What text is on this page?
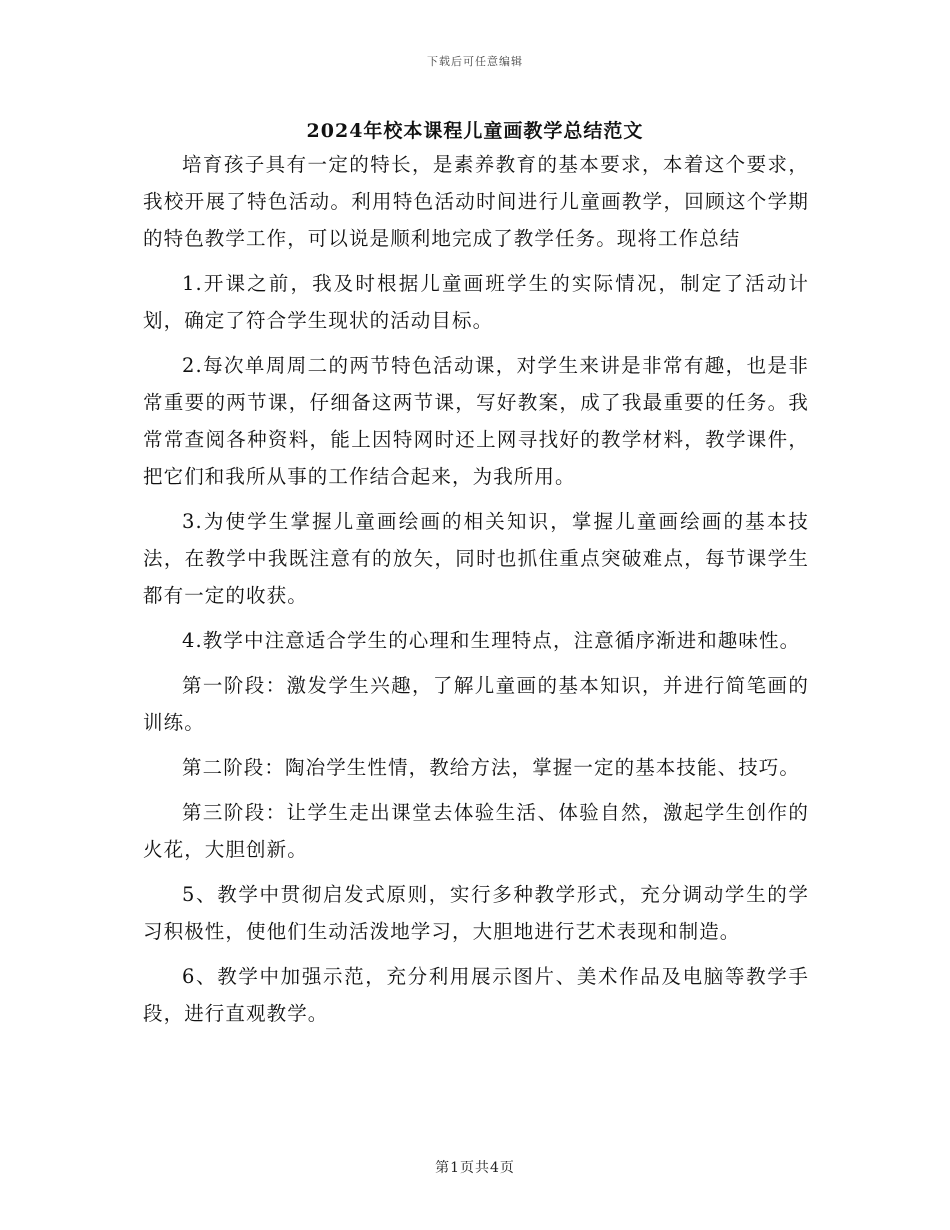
下载后可任意编辑
2024年校本课程儿童画教学总结范文

培育孩子具有一定的特长，是素养教育的基本要求，本着这个要求，我校开展了特色活动。利用特色活动时间进行儿童画教学，回顾这个学期的特色教学工作，可以说是顺利地完成了教学任务。现将工作总结

1.开课之前，我及时根据儿童画班学生的实际情况，制定了活动计划，确定了符合学生现状的活动目标。

2.每次单周周二的两节特色活动课，对学生来讲是非常有趣，也是非常重要的两节课，仔细备这两节课，写好教案，成了我最重要的任务。我常常查阅各种资料，能上因特网时还上网寻找好的教学材料，教学课件，把它们和我所从事的工作结合起来，为我所用。

3.为使学生掌握儿童画绘画的相关知识，掌握儿童画绘画的基本技法，在教学中我既注意有的放矢，同时也抓住重点突破难点，每节课学生都有一定的收获。

4.教学中注意适合学生的心理和生理特点，注意循序渐进和趣味性。

第一阶段：激发学生兴趣，了解儿童画的基本知识，并进行简笔画的训练。

第二阶段：陶冶学生性情，教给方法，掌握一定的基本技能、技巧。

第三阶段：让学生走出课堂去体验生活、体验自然，激起学生创作的火花，大胆创新。

5、教学中贯彻启发式原则，实行多种教学形式，充分调动学生的学习积极性，使他们生动活泼地学习，大胆地进行艺术表现和制造。

6、教学中加强示范，充分利用展示图片、美术作品及电脑等教学手段，进行直观教学。

第1页共4页
